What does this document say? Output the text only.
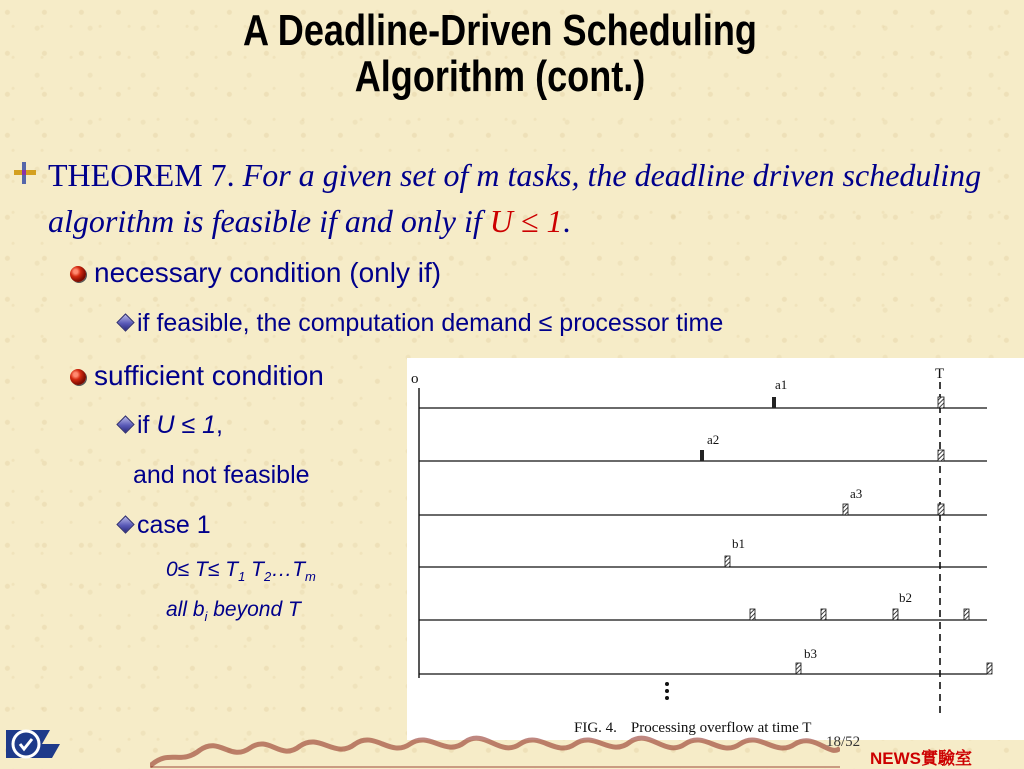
A Deadline-Driven Scheduling
Algorithm (cont.)
THEOREM 7. For a given set of m tasks, the deadline driven scheduling algorithm is feasible if and only if U ≤ 1.
necessary condition (only if)
if feasible, the computation demand ≤ processor time
sufficient condition
if U ≤ 1,
and not feasible
case 1
$0\le T\le T_1$ $T_2\dots T_m$
all $b_i$ beyond T
o	T
a1
a2
a3
b1
b2
b3
FIG. 4. Processing overflow at time T
18/52
NEWS實驗室
